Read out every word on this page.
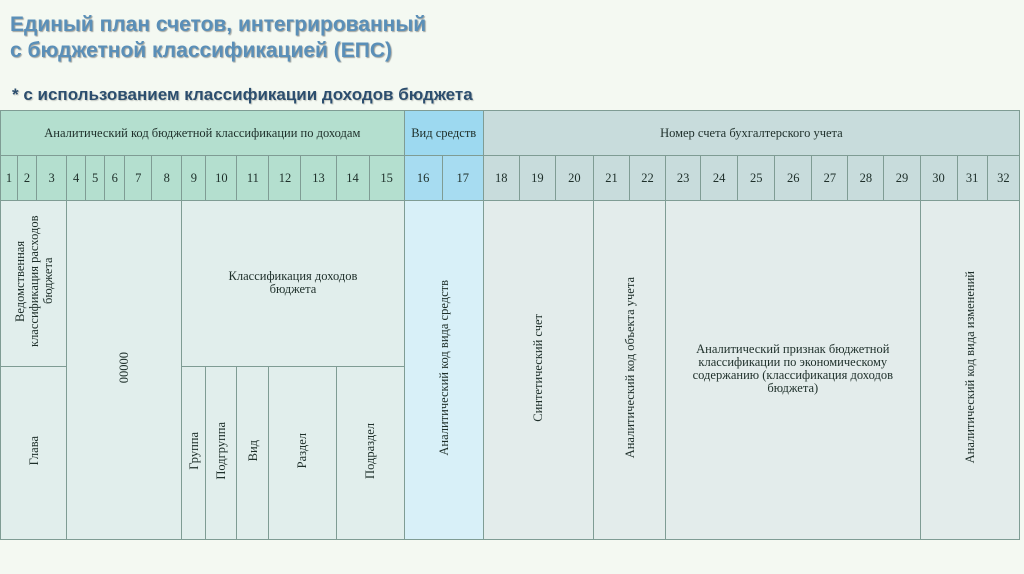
Единый план счетов, интегрированный
с бюджетной классификацией (ЕПС)
* с использованием классификации доходов бюджета
Аналитический код бюджетной классификации по доходам															Вид средств		Номер счета бухгалтерского учета														
1	2	3	4	5	6	7	8	9	10	11	12	13	14	15	16	17	18	19	20	21	22	23	24	25	26	27	28	29	30	31	32
Ведомственная классификация расходов бюджета			00000					Классификация доходов бюджета							Аналитический код вида средств		Синтетический счет			Аналитический код объекта учета		Аналитический признак бюджетной классификации по экономическому содержанию (классификация доходов бюджета)							Аналитический код вида изменений		
Глава								Группа	Подгруппа	Вид	Раздел		Подраздел																		
